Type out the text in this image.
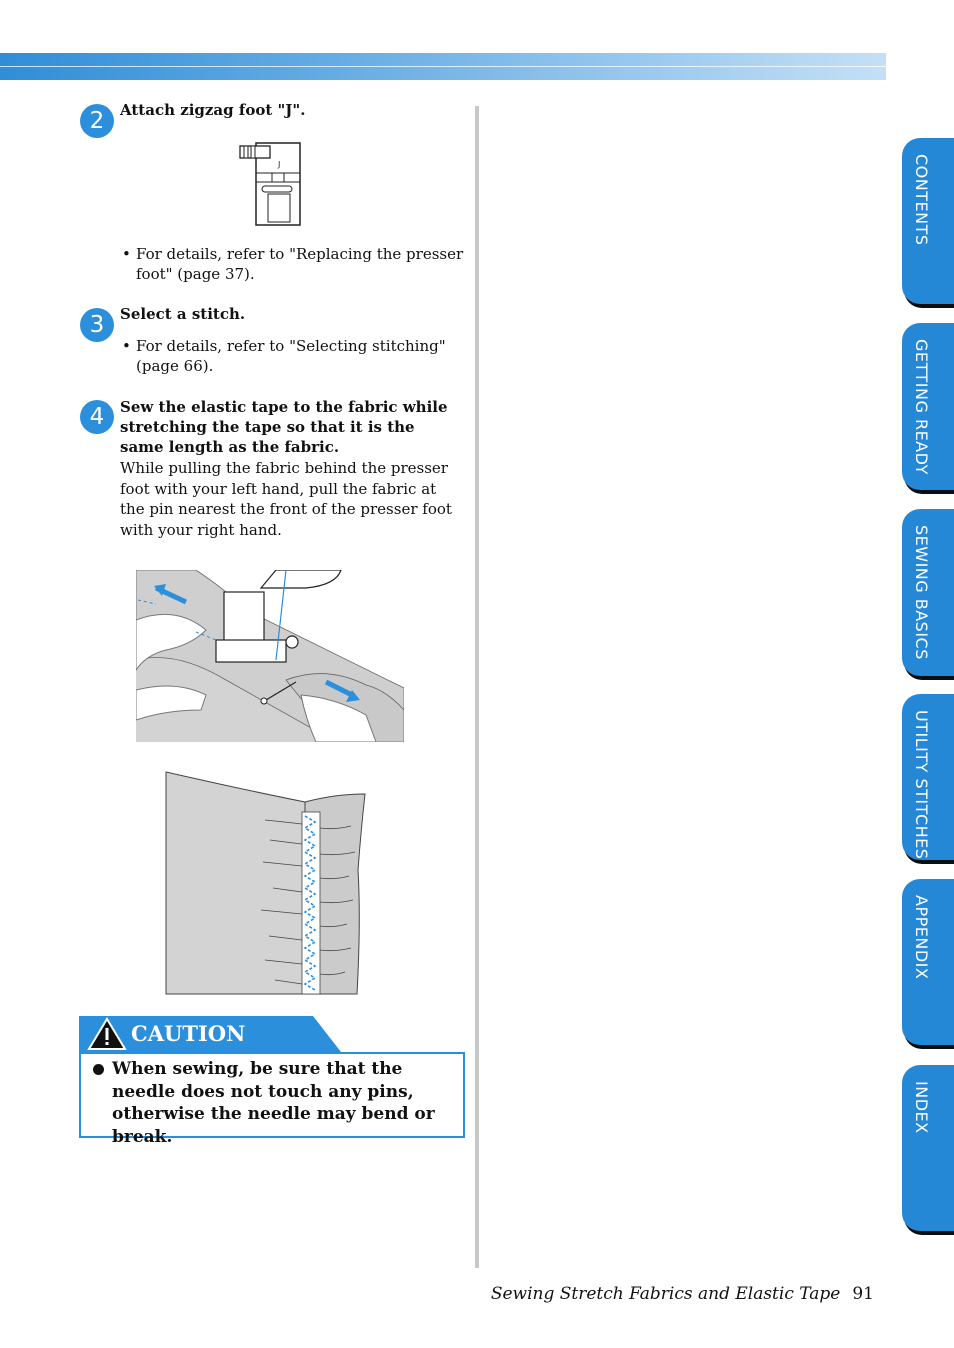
2	Attach zigzag foot "J".
J
• For details, refer to "Replacing the presser foot" (page 37).
3	Select a stitch.
• For details, refer to "Selecting stitching" (page 66).
4	Sew the elastic tape to the fabric while stretching the tape so that it is the same length as the fabric.
While pulling the fabric behind the presser foot with your left hand, pull the fabric at the pin nearest the front of the presser foot with your right hand.
CAUTION
When sewing, be sure that the needle does not touch any pins, otherwise the needle may bend or break.
CONTENTS
GETTING READY
SEWING BASICS
UTILITY STITCHES
APPENDIX
INDEX
Sewing Stretch Fabrics and Elastic Tape 91
